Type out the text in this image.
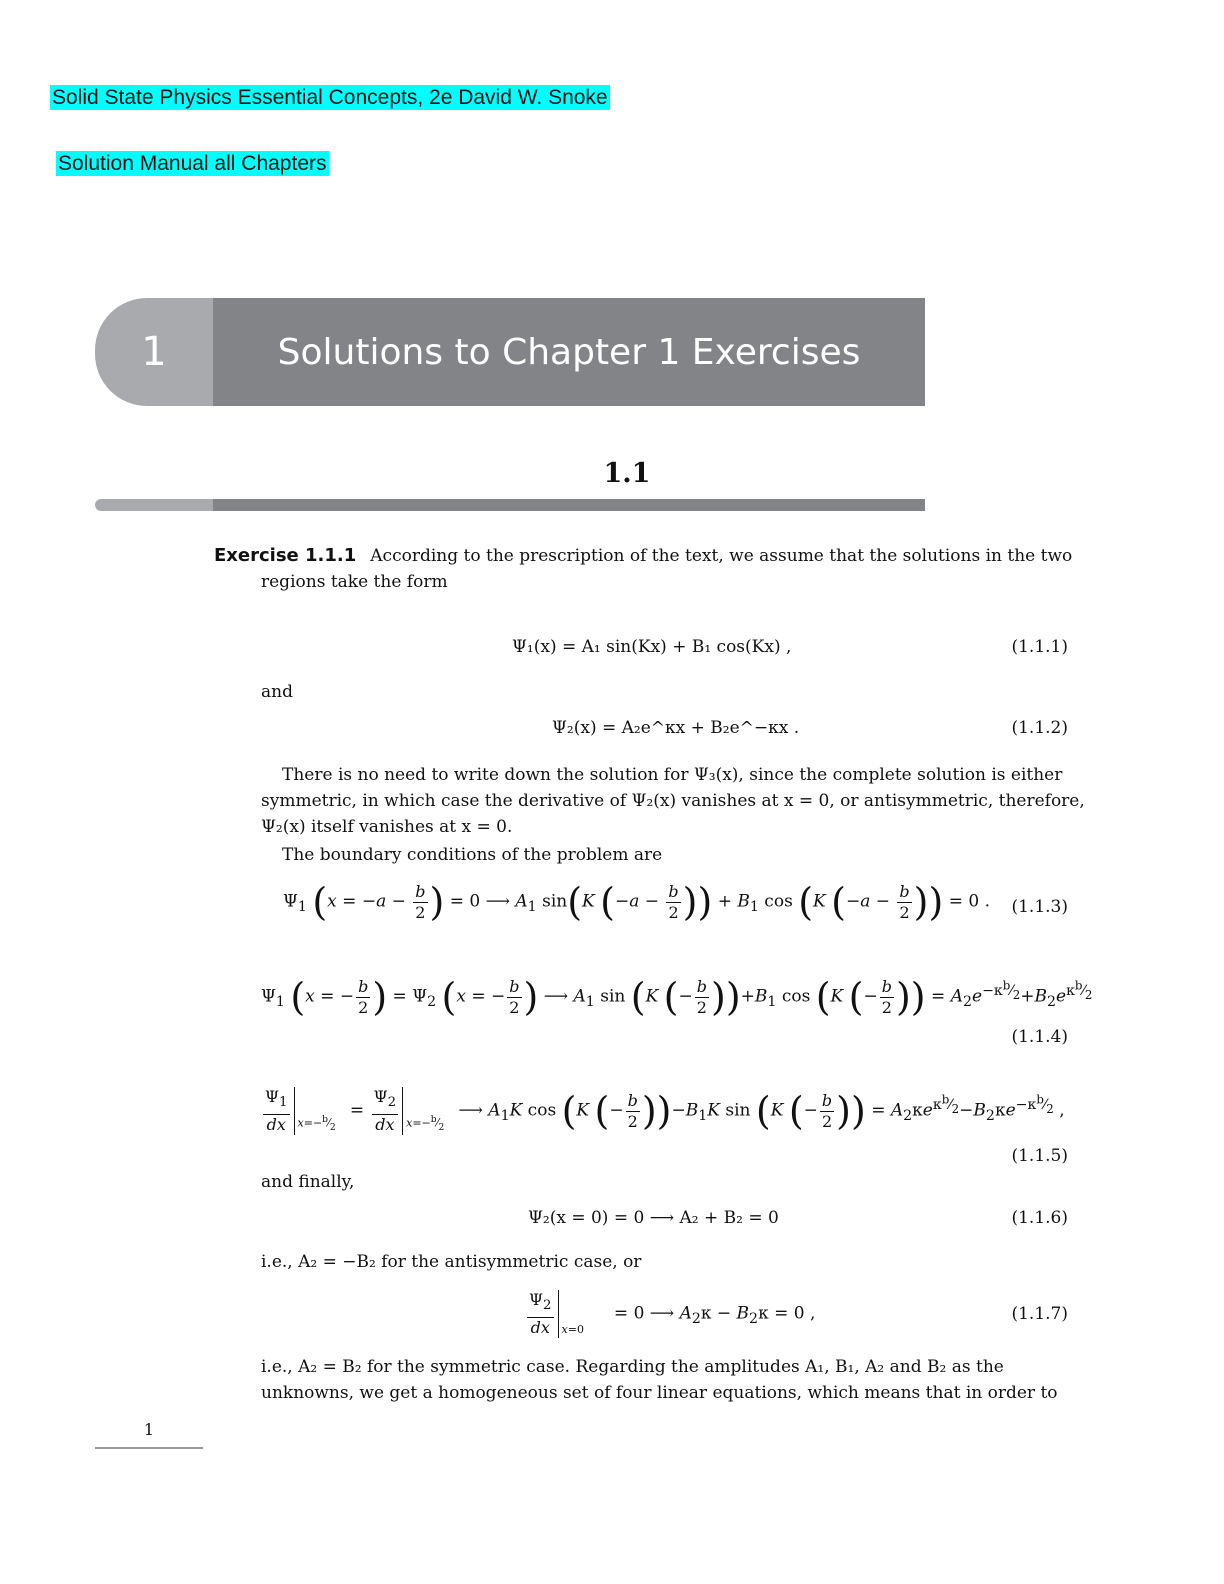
Solid State Physics Essential Concepts, 2e David W. Snoke
Solution Manual all Chapters
1	Solutions to Chapter 1 Exercises
1.1
Exercise 1.1.1 According to the prescription of the text, we assume that the solutions in the two
regions take the form
Ψ₁(x) = A₁ sin(Kx) + B₁ cos(Kx) ,	(1.1.1)
and
Ψ₂(x) = A₂e^κx + B₂e^−κx .	(1.1.2)
There is no need to write down the solution for Ψ₃(x), since the complete solution is either
symmetric, in which case the derivative of Ψ₂(x) vanishes at x = 0, or antisymmetric, therefore,
Ψ₂(x) itself vanishes at x = 0.
The boundary conditions of the problem are
$\Psi_1$ ($x = -a - \frac{b}{2}$ ) = 0 ⟶ $A_1$ sin(K ($-a - \frac{b}{2}$ )) + $B_1$ cos (K ($-a - \frac{b}{2}$ )) = 0 .	(1.1.3)
$\Psi_1$ (x = − $\frac{b}{2}$ ) = $\Psi_2$ (x = − $\frac{b}{2}$ ) ⟶ $A_1$ sin (K (− $\frac{b}{2} ))+B_1$ cos (K (− $\frac{b}{2}$ )) = $A_2e^{-\kappa^b⁄_2}+B_2e^{\kappa^b⁄_2}$
(1.1.4)
$\frac{\Psi_1}{dx}$ $x=-^b⁄_2$
= $\frac{\Psi_2}{dx}$ $x=-^b⁄_2$
⟶ $A_1K$ cos (K (− $\frac{b}{2} ))-B_1K$ sin (K (− $\frac{b}{2}$ )) = $A_2\kappa e^{\kappa^b⁄_2}-B_2\kappa e^{-\kappa^b⁄_2}$ ,
(1.1.5)
and finally,
Ψ₂(x = 0) = 0 ⟶ A₂ + B₂ = 0	(1.1.6)
i.e., A₂ = −B₂ for the antisymmetric case, or
$\frac{\Psi_2}{dx} x=0$
= 0 ⟶ $A_2\kappa - B_2\kappa = 0$ ,	(1.1.7)
i.e., A₂ = B₂ for the symmetric case. Regarding the amplitudes A₁, B₁, A₂ and B₂ as the
unknowns, we get a homogeneous set of four linear equations, which means that in order to
1
